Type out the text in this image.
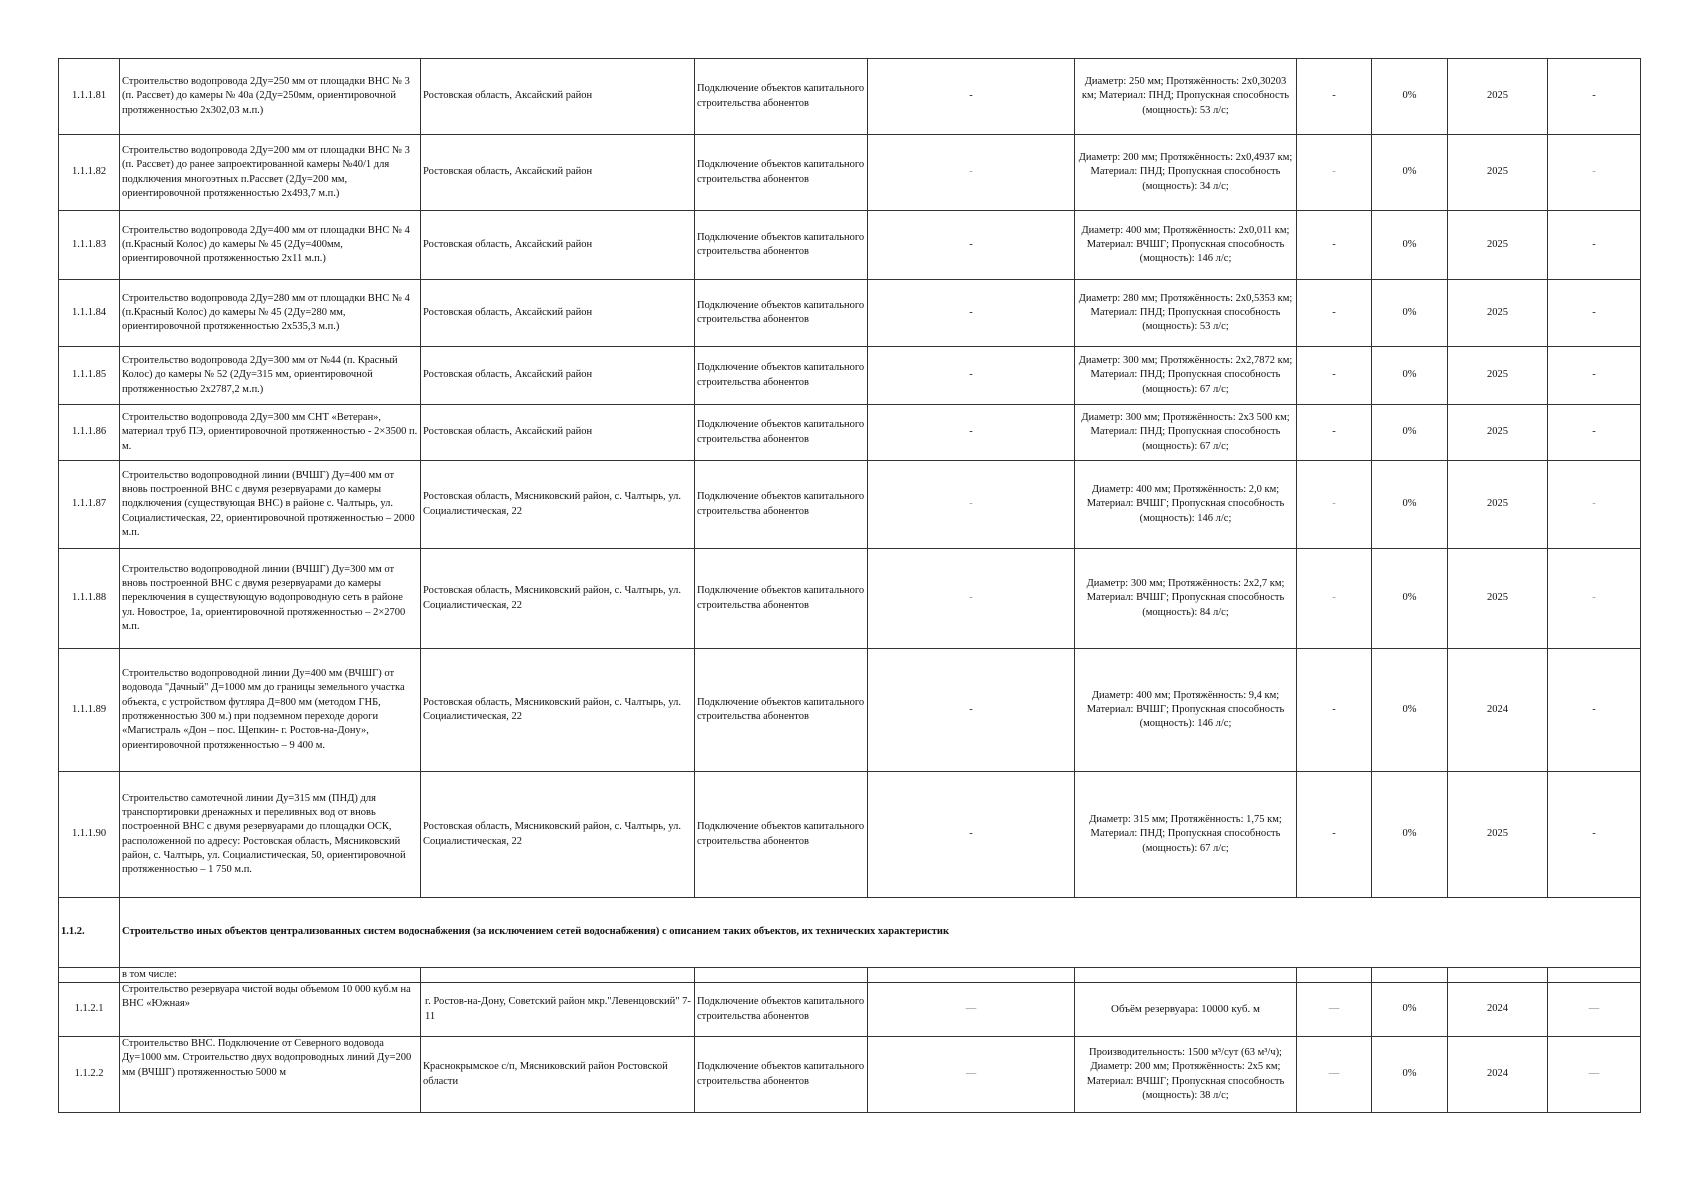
1.1.1.81	Строительство водопровода 2Ду=250 мм от площадки ВНС № 3 (п. Рассвет) до камеры № 40а (2Ду=250мм, ориентировочной протяженностью 2х302,03 м.п.)	Ростовская область, Аксайский район	Подключение объектов капитального строительства абонентов	-	Диаметр: 250 мм; Протяжённость: 2х0,30203 км; Материал: ПНД; Пропускная способность (мощность): 53 л/с;	-	0%	2025	-
1.1.1.82	Строительство водопровода 2Ду=200 мм от площадки ВНС № 3 (п. Рассвет) до ранее запроектированной камеры №40/1 для подключения многоэтных п.Рассвет (2Ду=200 мм, ориентировочной протяженностью 2х493,7 м.п.)	Ростовская область, Аксайский район	Подключение объектов капитального строительства абонентов	-	Диаметр: 200 мм; Протяжённость: 2х0,4937 км; Материал: ПНД; Пропускная способность (мощность): 34 л/с;	-	0%	2025	-
1.1.1.83	Строительство водопровода 2Ду=400 мм от площадки ВНС № 4 (п.Красный Колос) до камеры № 45 (2Ду=400мм, ориентировочной протяженностью 2х11 м.п.)	Ростовская область, Аксайский район	Подключение объектов капитального строительства абонентов	-	Диаметр: 400 мм; Протяжённость: 2х0,011 км; Материал: ВЧШГ; Пропускная способность (мощность): 146 л/с;	-	0%	2025	-
1.1.1.84	Строительство водопровода 2Ду=280 мм от площадки ВНС № 4 (п.Красный Колос) до камеры № 45 (2Ду=280 мм, ориентировочной протяженностью 2х535,3 м.п.)	Ростовская область, Аксайский район	Подключение объектов капитального строительства абонентов	-	Диаметр: 280 мм; Протяжённость: 2х0,5353 км; Материал: ПНД; Пропускная способность (мощность): 53 л/с;	-	0%	2025	-
1.1.1.85	Строительство водопровода 2Ду=300 мм от №44 (п. Красный Колос) до камеры № 52 (2Ду=315 мм, ориентировочной протяженностью 2х2787,2 м.п.)	Ростовская область, Аксайский район	Подключение объектов капитального строительства абонентов	-	Диаметр: 300 мм; Протяжённость: 2х2,7872 км; Материал: ПНД; Пропускная способность (мощность): 67 л/с;	-	0%	2025	-
1.1.1.86	Строительство водопровода 2Ду=300 мм СНТ «Ветеран», материал труб ПЭ, ориентировочной протяженностью - 2×3500 п. м.	Ростовская область, Аксайский район	Подключение объектов капитального строительства абонентов	-	Диаметр: 300 мм; Протяжённость: 2х3 500 км; Материал: ПНД; Пропускная способность (мощность): 67 л/с;	-	0%	2025	-
1.1.1.87	Строительство водопроводной линии (ВЧШГ) Ду=400 мм от вновь построенной ВНС с двумя резервуарами до камеры подключения (существующая ВНС) в районе с. Чалтырь, ул. Социалистическая, 22, ориентировочной протяженностью – 2000 м.п.	Ростовская область, Мясниковский район, с. Чалтырь, ул. Социалистическая, 22	Подключение объектов капитального строительства абонентов	-	Диаметр: 400 мм; Протяжённость: 2,0 км; Материал: ВЧШГ; Пропускная способность (мощность): 146 л/с;	-	0%	2025	-
1.1.1.88	Строительство водопроводной линии (ВЧШГ) Ду=300 мм от вновь построенной ВНС с двумя резервуарами до камеры переключения в существующую водопроводную сеть в районе ул. Новострое, 1а, ориентировочной протяженностью – 2×2700 м.п.	Ростовская область, Мясниковский район, с. Чалтырь, ул. Социалистическая, 22	Подключение объектов капитального строительства абонентов	-	Диаметр: 300 мм; Протяжённость: 2х2,7 км; Материал: ВЧШГ; Пропускная способность (мощность): 84 л/с;	-	0%	2025	-
1.1.1.89	Строительство водопроводной линии Ду=400 мм (ВЧШГ) от водовода "Дачный" Д=1000 мм до границы земельного участка объекта, с устройством футляра Д=800 мм (методом ГНБ, протяженностью 300 м.) при подземном переходе дороги «Магистраль «Дон – пос. Щепкин- г. Ростов-на-Дону», ориентировочной протяженностью – 9 400 м.	Ростовская область, Мясниковский район, с. Чалтырь, ул. Социалистическая, 22	Подключение объектов капитального строительства абонентов	-	Диаметр: 400 мм; Протяжённость: 9,4 км; Материал: ВЧШГ; Пропускная способность (мощность): 146 л/с;	-	0%	2024	-
1.1.1.90	Строительство самотечной линии Ду=315 мм (ПНД) для транспортировки дренажных и переливных вод от вновь построенной ВНС с двумя резервуарами до площадки ОСК, расположенной по адресу: Ростовская область, Мясниковский район, с. Чалтырь, ул. Социалистическая, 50, ориентировочной протяженностью – 1 750 м.п.	Ростовская область, Мясниковский район, с. Чалтырь, ул. Социалистическая, 22	Подключение объектов капитального строительства абонентов	-	Диаметр: 315 мм; Протяжённость: 1,75 км; Материал: ПНД; Пропускная способность (мощность): 67 л/с;	-	0%	2025	-
1.1.2.	Строительство иных объектов централизованных систем водоснабжения (за исключением сетей водоснабжения) с описанием таких объектов, их технических характеристик								
	в том числе:								
1.1.2.1	Строительство резервуара чистой воды объемом 10 000 куб.м на ВНС «Южная»	г. Ростов-на-Дону, Советский район мкр."Левенцовский" 7-11	Подключение объектов капитального строительства абонентов	—	Объём резервуара: 10000 куб. м	—	0%	2024	—
1.1.2.2	Строительство ВНС. Подключение от Северного водовода Ду=1000 мм. Строительство двух водопроводных линий Ду=200 мм (ВЧШГ) протяженностью 5000 м	Краснокрымское с/п, Мясниковский район Ростовской области	Подключение объектов капитального строительства абонентов	—	Производительность: 1500 м³/сут (63 м³/ч); Диаметр: 200 мм; Протяжённость: 2х5 км; Материал: ВЧШГ; Пропускная способность (мощность): 38 л/с;	—	0%	2024	—
